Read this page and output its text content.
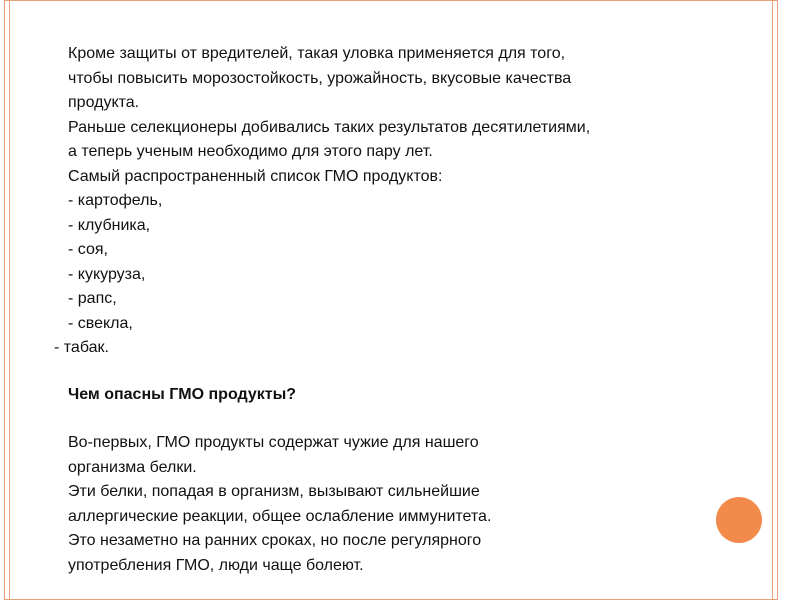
Кроме защиты от вредителей, такая уловка применяется для того,
чтобы повысить морозостойкость, урожайность, вкусовые качества
продукта.
Раньше селекционеры добивались таких результатов десятилетиями,
а теперь ученым необходимо для этого пару лет.
Самый распространенный список ГМО продуктов:
- картофель,
- клубника,
- соя,
- кукуруза,
- рапс,
- свекла,
- табак.
Чем опасны ГМО продукты?
Во-первых, ГМО продукты содержат чужие для нашего
организма белки.
Эти белки, попадая в организм, вызывают сильнейшие
аллергические реакции, общее ослабление иммунитета.
Это незаметно на ранних сроках, но после регулярного
употребления ГМО, люди чаще болеют.
